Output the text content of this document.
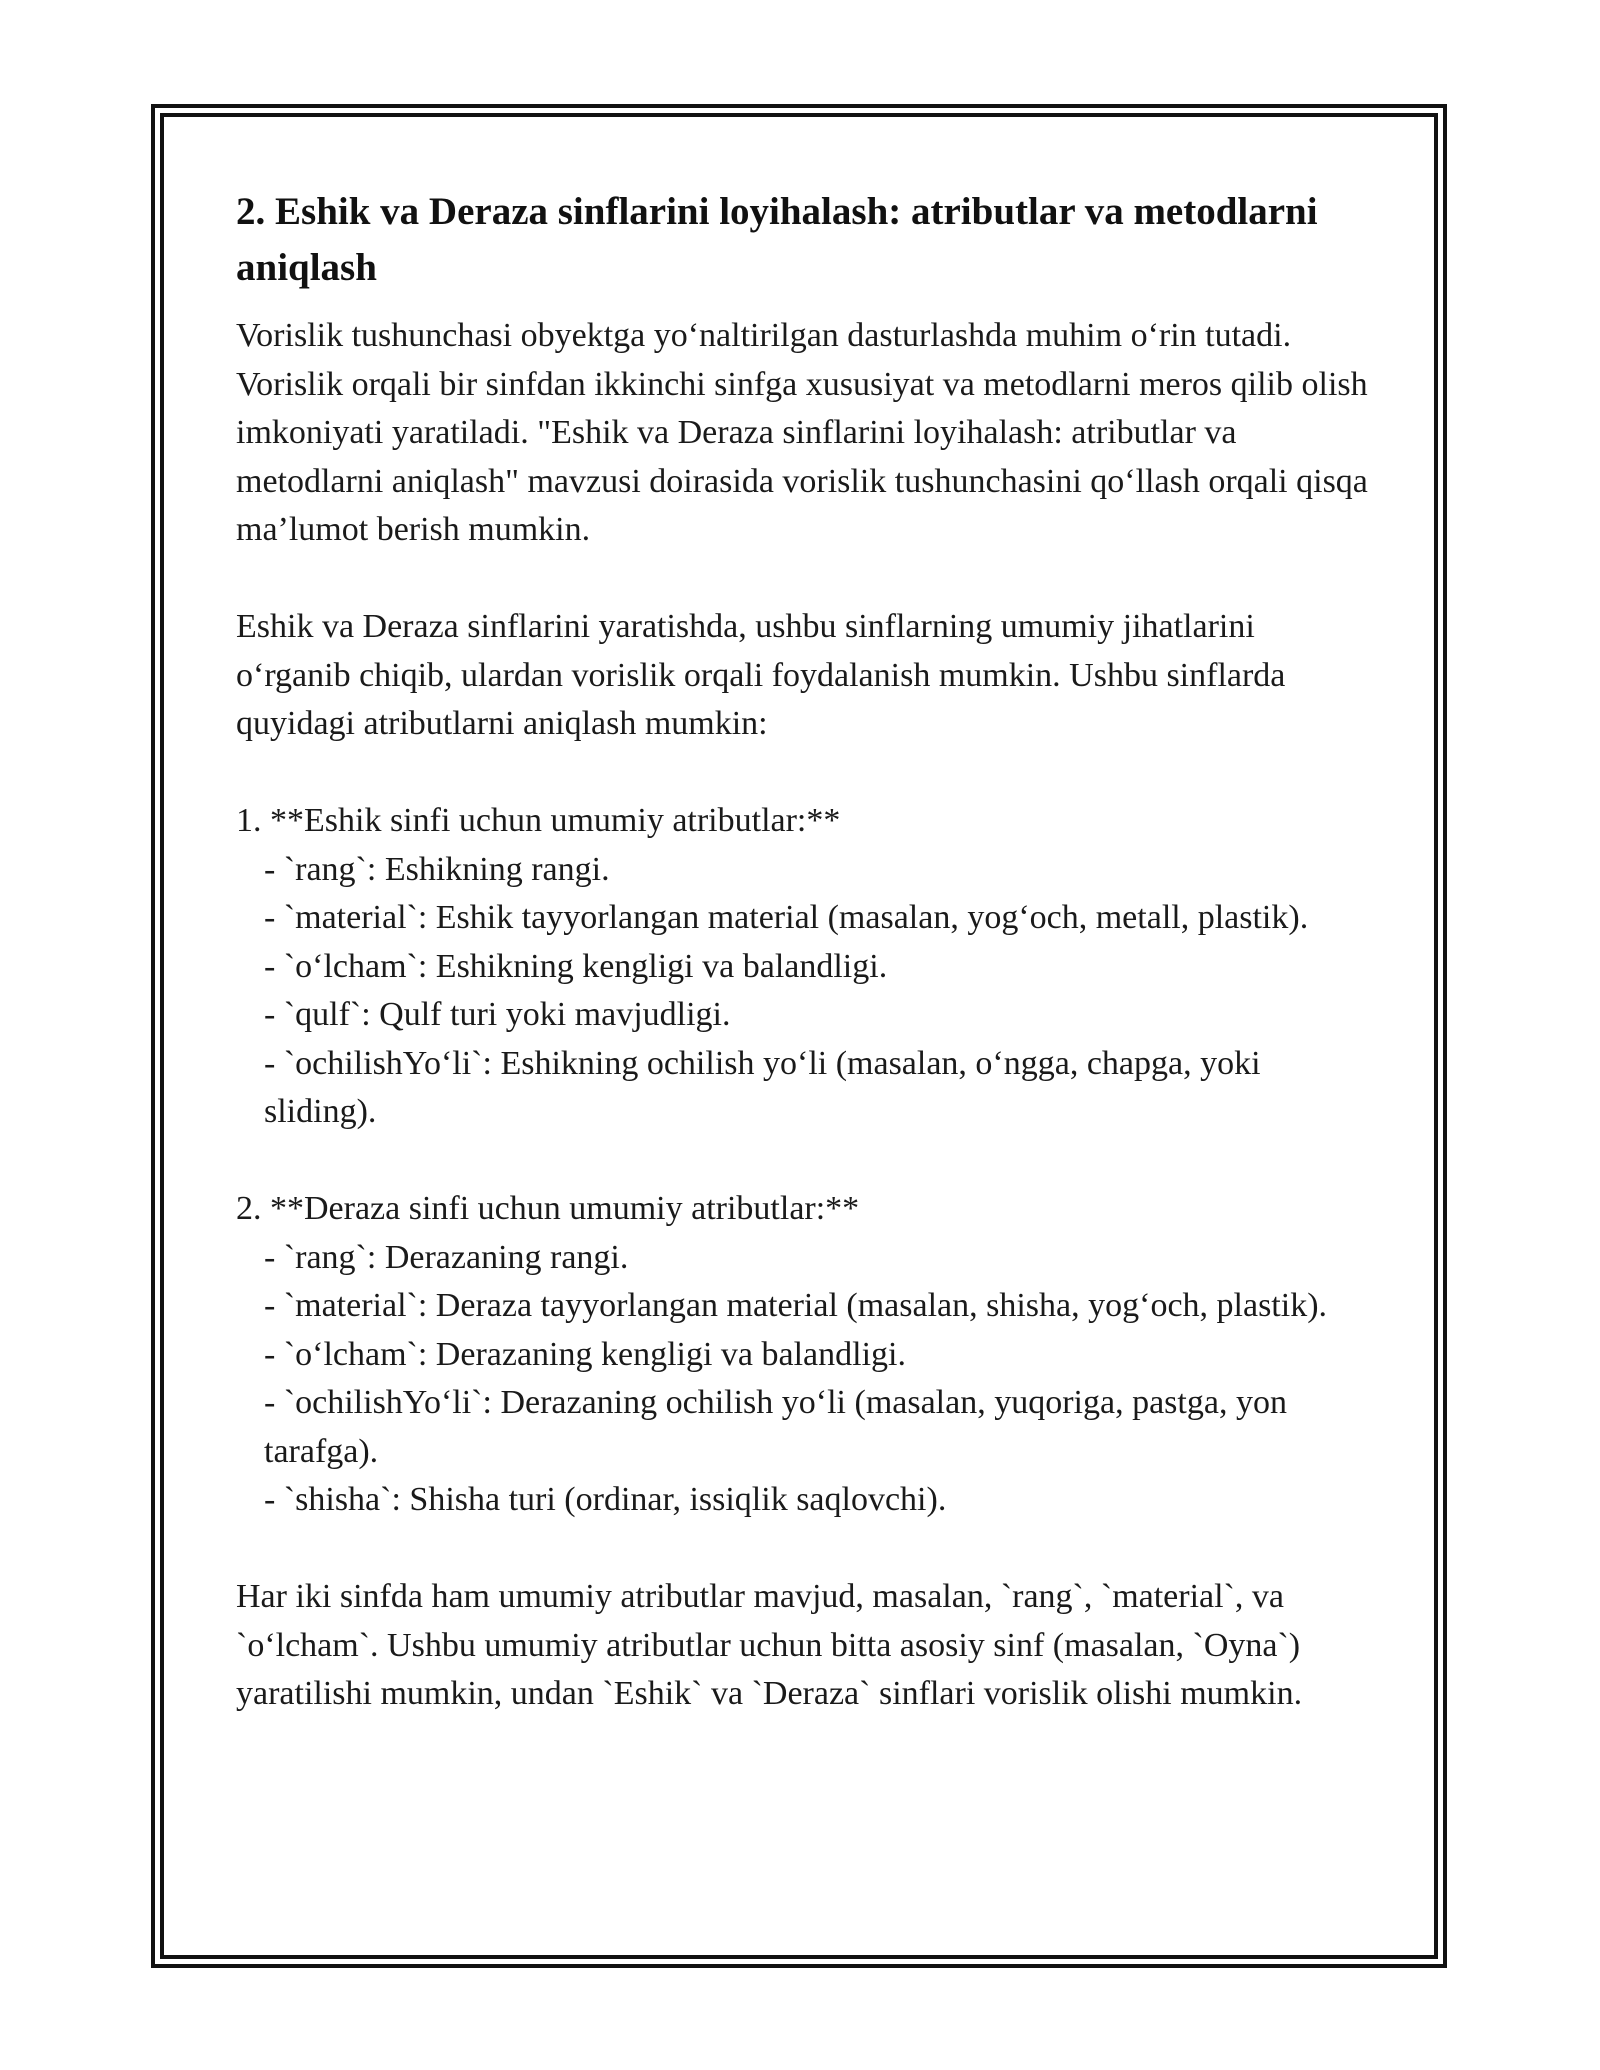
2. Eshik va Deraza sinflarini loyihalash: atributlar va metodlarni aniqlash

Vorislik tushunchasi obyektga yo‘naltirilgan dasturlashda muhim o‘rin tutadi. Vorislik orqali bir sinfdan ikkinchi sinfga xususiyat va metodlarni meros qilib olish imkoniyati yaratiladi. "Eshik va Deraza sinflarini loyihalash: atributlar va metodlarni aniqlash" mavzusi doirasida vorislik tushunchasini qo‘llash orqali qisqa ma’lumot berish mumkin.

Eshik va Deraza sinflarini yaratishda, ushbu sinflarning umumiy jihatlarini o‘rganib chiqib, ulardan vorislik orqali foydalanish mumkin. Ushbu sinflarda quyidagi atributlarni aniqlash mumkin:

1. **Eshik sinfi uchun umumiy atributlar:**

- `rang`: Eshikning rangi.

- `material`: Eshik tayyorlangan material (masalan, yog‘och, metall, plastik).

- `o‘lcham`: Eshikning kengligi va balandligi.

- `qulf`: Qulf turi yoki mavjudligi.

- `ochilishYo‘li`: Eshikning ochilish yo‘li (masalan, o‘ngga, chapga, yoki sliding).

2. **Deraza sinfi uchun umumiy atributlar:**

- `rang`: Derazaning rangi.

- `material`: Deraza tayyorlangan material (masalan, shisha, yog‘och, plastik).

- `o‘lcham`: Derazaning kengligi va balandligi.

- `ochilishYo‘li`: Derazaning ochilish yo‘li (masalan, yuqoriga, pastga, yon tarafga).

- `shisha`: Shisha turi (ordinar, issiqlik saqlovchi).

Har iki sinfda ham umumiy atributlar mavjud, masalan, `rang`, `material`, va `o‘lcham`. Ushbu umumiy atributlar uchun bitta asosiy sinf (masalan, `Oyna`) yaratilishi mumkin, undan `Eshik` va `Deraza` sinflari vorislik olishi mumkin.
